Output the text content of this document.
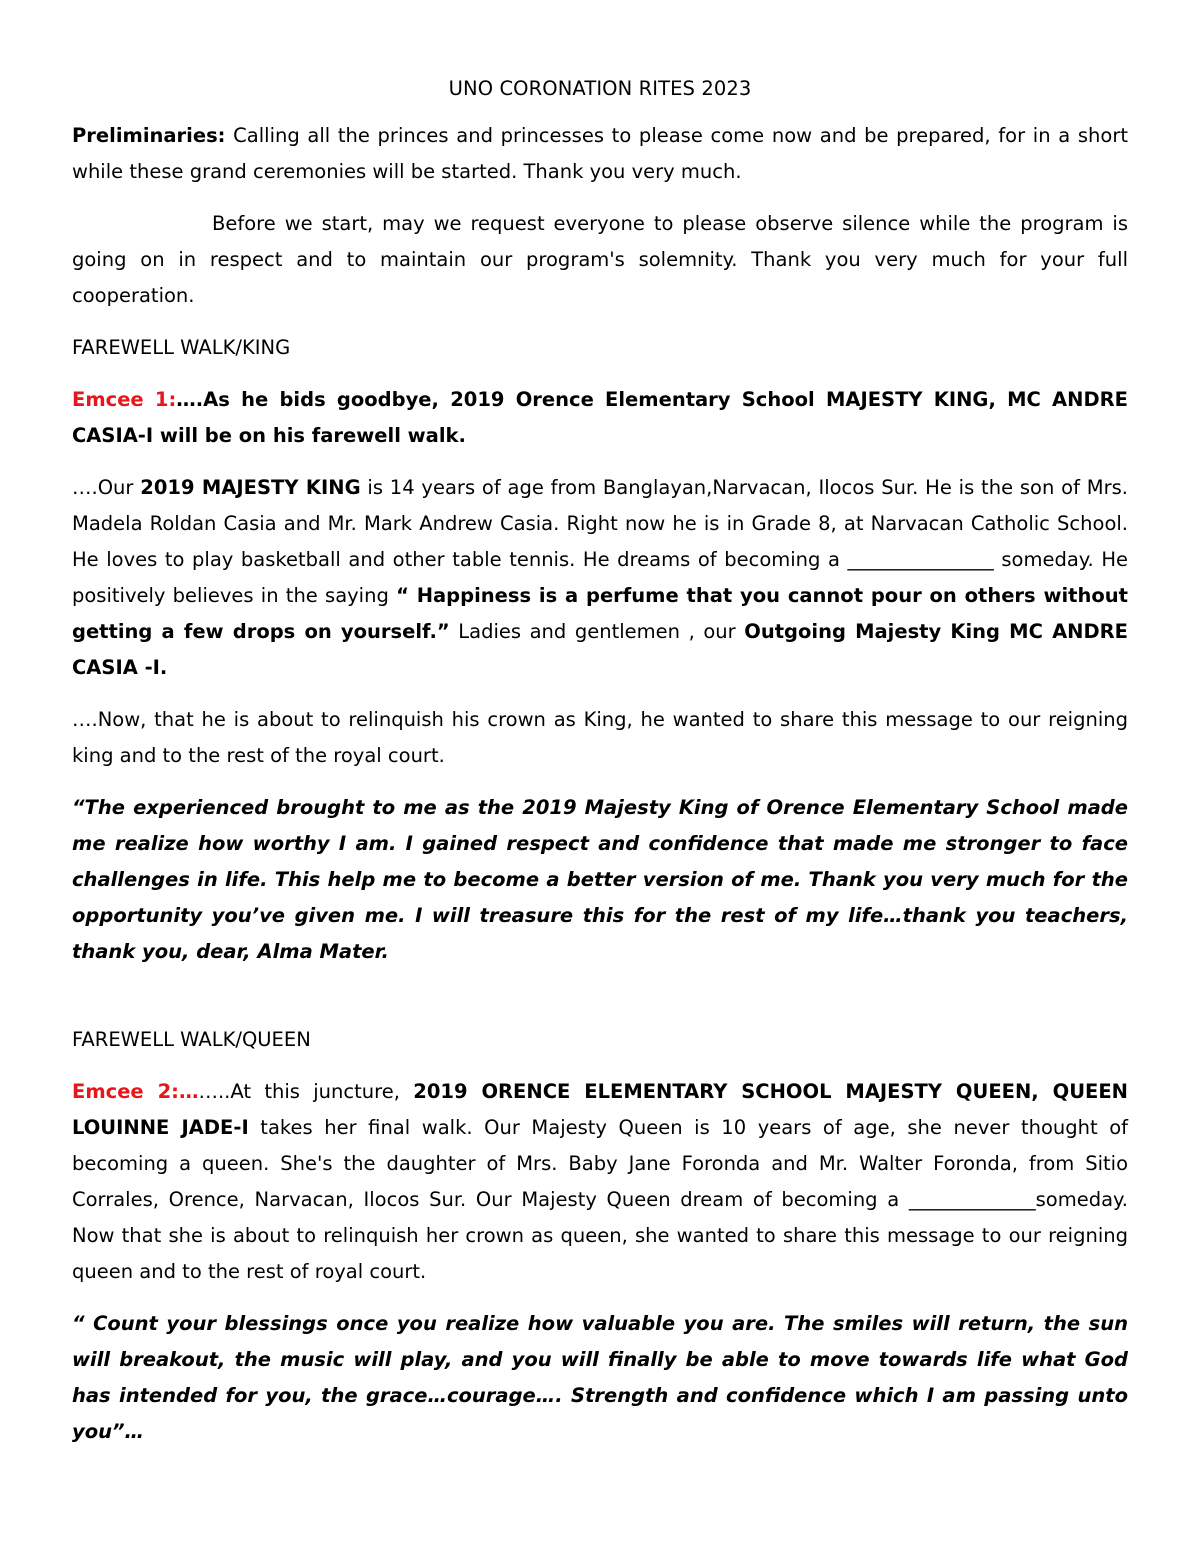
UNO CORONATION RITES 2023

Preliminaries: Calling all the princes and princesses to please come now and be prepared, for in a short while these grand ceremonies will be started. Thank you very much.

Before we start, may we request everyone to please observe silence while the program is going on in respect and to maintain our program's solemnity. Thank you very much for your full cooperation.

FAREWELL WALK/KING

Emcee 1:….As he bids goodbye, 2019 Orence Elementary School MAJESTY KING, MC ANDRE CASIA-I will be on his farewell walk.

….Our 2019 MAJESTY KING is 14 years of age from Banglayan,Narvacan, Ilocos Sur. He is the son of Mrs. Madela Roldan Casia and Mr. Mark Andrew Casia. Right now he is in Grade 8, at Narvacan Catholic School. He loves to play basketball and other table tennis. He dreams of becoming a _______________ someday. He positively believes in the saying “ Happiness is a perfume that you cannot pour on others without getting a few drops on yourself.” Ladies and gentlemen , our Outgoing Majesty King MC ANDRE CASIA -I.

….Now, that he is about to relinquish his crown as King, he wanted to share this message to our reigning king and to the rest of the royal court.

“The experienced brought to me as the 2019 Majesty King of Orence Elementary School made me realize how worthy I am. I gained respect and confidence that made me stronger to face challenges in life. This help me to become a better version of me. Thank you very much for the opportunity you’ve given me. I will treasure this for the rest of my life…thank you teachers, thank you, dear, Alma Mater.

FAREWELL WALK/QUEEN

Emcee 2:……..At this juncture, 2019 ORENCE ELEMENTARY SCHOOL MAJESTY QUEEN, QUEEN LOUINNE JADE-I takes her final walk. Our Majesty Queen is 10 years of age, she never thought of becoming a queen. She's the daughter of Mrs. Baby Jane Foronda and Mr. Walter Foronda, from Sitio Corrales, Orence, Narvacan, Ilocos Sur. Our Majesty Queen dream of becoming a _____________someday. Now that she is about to relinquish her crown as queen, she wanted to share this message to our reigning queen and to the rest of royal court.

“ Count your blessings once you realize how valuable you are. The smiles will return, the sun will breakout, the music will play, and you will finally be able to move towards life what God has intended for you, the grace…courage…. Strength and confidence which I am passing unto you”…
